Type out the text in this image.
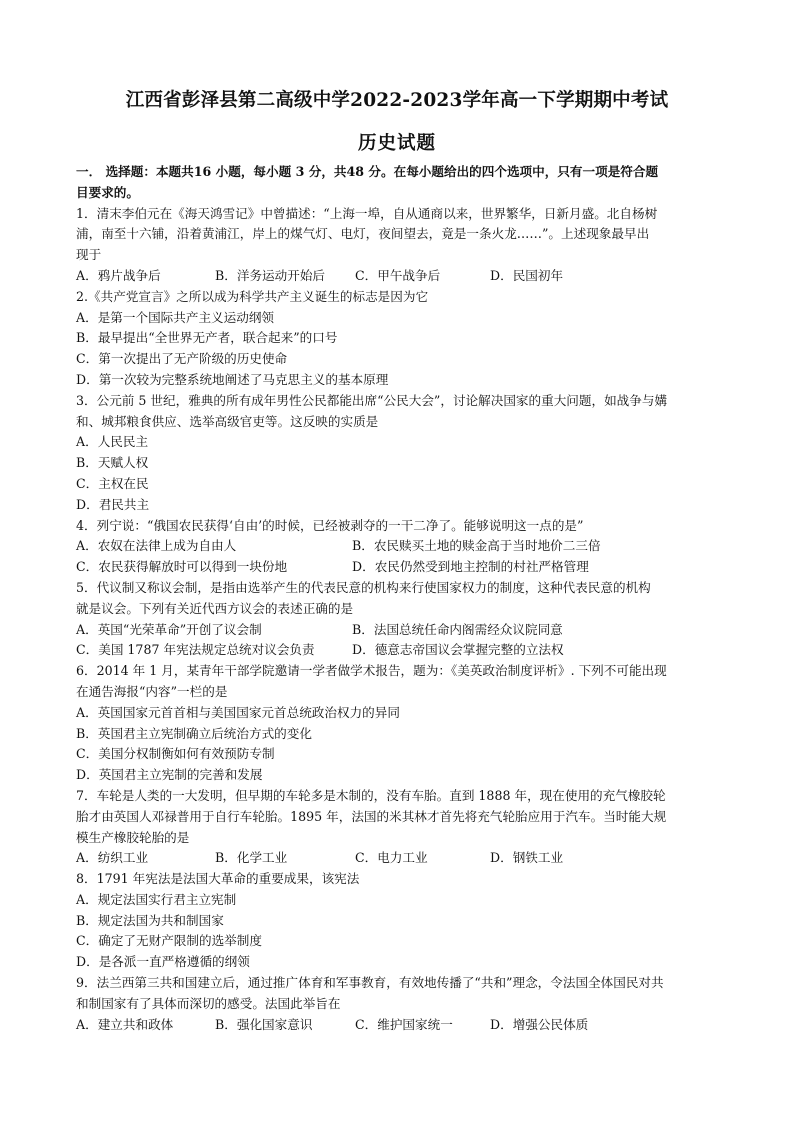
江西省彭泽县第二高级中学2022-2023学年高一下学期期中考试
历史试题
一． 选择题：本题共16 小题，每小题 3 分，共48 分。在每小题给出的四个选项中，只有一项是符合题
目要求的。
1．清末李伯元在《海天鸿雪记》中曾描述：“上海一埠，自从通商以来，世界繁华，日新月盛。北自杨树
浦，南至十六铺，沿着黄浦江，岸上的煤气灯、电灯，夜间望去，竟是一条火龙……”。上述现象最早出
现于
A．鸦片战争后	B．洋务运动开始后 C．甲午战争后	D．民国初年
2.《共产党宣言》之所以成为科学共产主义诞生的标志是因为它
A．是第一个国际共产主义运动纲领
B．最早提出“全世界无产者，联合起来”的口号
C．第一次提出了无产阶级的历史使命
D．第一次较为完整系统地阐述了马克思主义的基本原理
3．公元前 5 世纪，雅典的所有成年男性公民都能出席“公民大会”，讨论解决国家的重大问题，如战争与媾
和、城邦粮食供应、选举高级官吏等。这反映的实质是
A．人民民主
B．天赋人权
C．主权在民
D．君民共主
4．列宁说：“俄国农民获得‘自由’的时候，已经被剥夺的一干二净了。能够说明这一点的是”
A．农奴在法律上成为自由人	B．农民赎买土地的赎金高于当时地价二三倍
C．农民获得解放时可以得到一块份地	D．农民仍然受到地主控制的村社严格管理
5．代议制又称议会制，是指由选举产生的代表民意的机构来行使国家权力的制度，这种代表民意的机构
就是议会。下列有关近代西方议会的表述正确的是
A．英国“光荣革命”开创了议会制	B．法国总统任命内阁需经众议院同意
C．美国 1787 年宪法规定总统对议会负责	D．德意志帝国议会掌握完整的立法权
6．2014 年 1 月，某青年干部学院邀请一学者做学术报告，题为：《美英政治制度评析》. 下列不可能出现
在通告海报“内容”一栏的是
A．英国国家元首首相与美国国家元首总统政治权力的异同
B．英国君主立宪制确立后统治方式的变化
C．美国分权制衡如何有效预防专制
D．英国君主立宪制的完善和发展
7．车轮是人类的一大发明，但早期的车轮多是木制的，没有车胎。直到 1888 年，现在使用的充气橡胶轮
胎才由英国人邓禄普用于自行车轮胎。1895 年，法国的米其林才首先将充气轮胎应用于汽车。当时能大规
模生产橡胶轮胎的是
A．纺织工业	B．化学工业	C．电力工业	D．钢铁工业
8．1791 年宪法是法国大革命的重要成果，该宪法
A．规定法国实行君主立宪制
B．规定法国为共和制国家
C．确定了无财产限制的选举制度
D．是各派一直严格遵循的纲领
9．法兰西第三共和国建立后，通过推广体育和军事教育，有效地传播了“共和”理念，令法国全体国民对共
和制国家有了具体而深切的感受。法国此举旨在
A．建立共和政体	B．强化国家意识	C．维护国家统一	D．增强公民体质
